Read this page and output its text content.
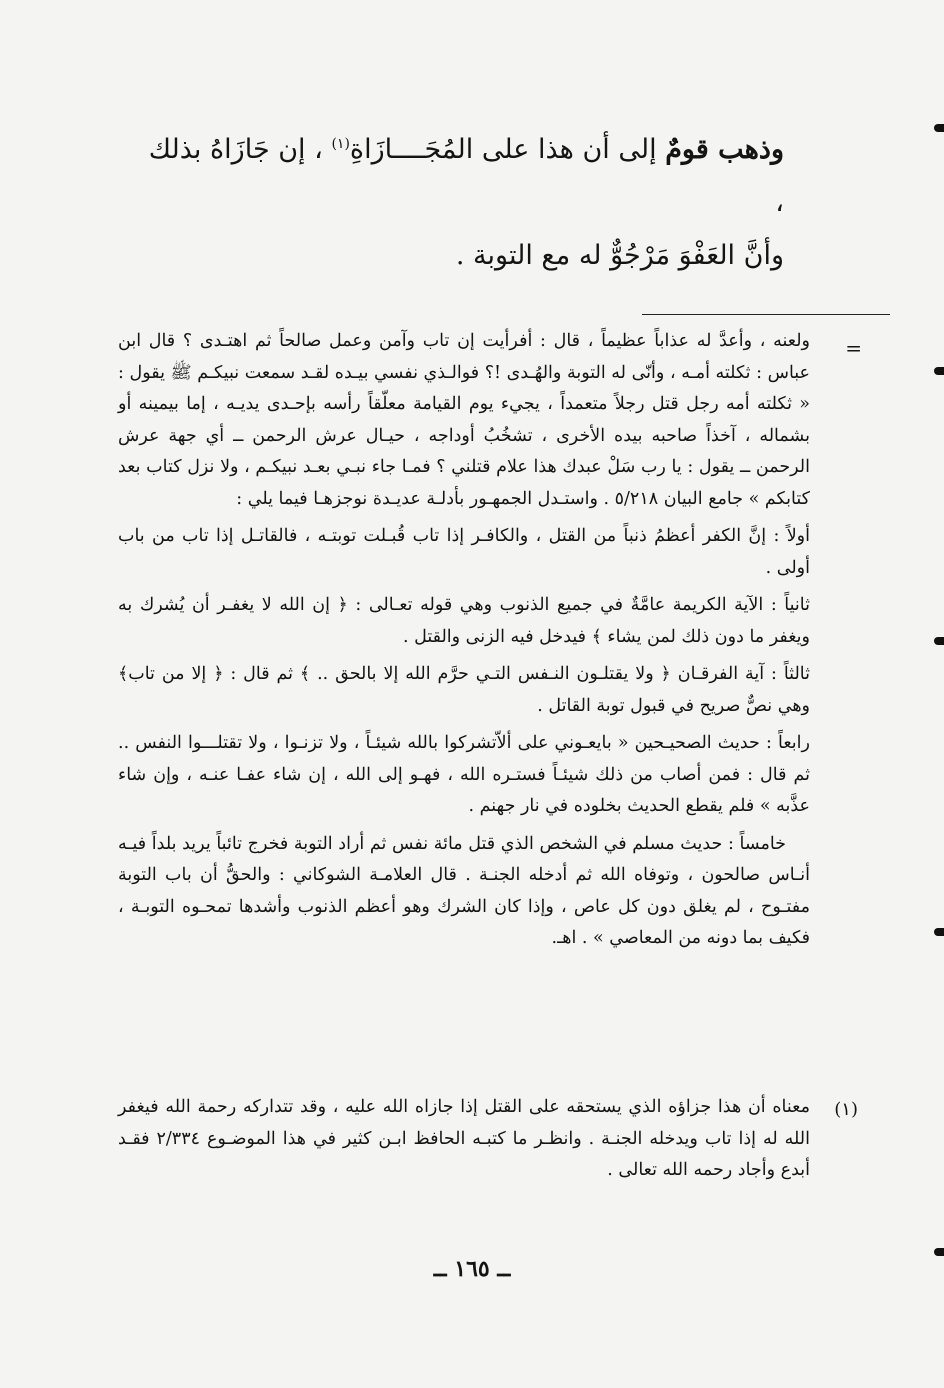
وذهب قومٌ إلى أن هذا على المُجَــــازَاةِ$^{(١)}$ ، إن جَازَاهُ بذلك ،
وأنَّ العَفْوَ مَرْجُوٌّ له مع التوبة .
=

ولعنه ، وأعدَّ له عذاباً عظيماً ، قال : أفرأيت إن تاب وآمن وعمل صالحاً ثم اهتـدى ؟ قال ابن عباس : ثكلته أمـه ، وأنّى له التوبة والهُـدى !؟ فوالـذي نفسي بيـده لقـد سمعت نبيكـم ﷺ يقول : « ثكلته أمه رجل قتل رجلاً متعمداً ، يجيء يوم القيامة معلّقاً رأسه بإحـدى يديـه ، إما بيمينه أو بشماله ، آخذاً صاحبه بيده الأخرى ، تشخُبُ أوداجه ، حيـال عرش الرحمن ــ أي جهة عرش الرحمن ــ يقول : يا رب سَلْ عبدك هذا علام قتلني ؟ فمـا جاء نبـي بعـد نبيكـم ، ولا نزل كتاب بعد كتابكم » جامع البيان ٥/٢١٨ . واستـدل الجمهـور بأدلـة عديـدة نوجزهـا فيما يلي :

أولاً : إنَّ الكفر أعظمُ ذنباً من القتل ، والكافـر إذا تاب قُبـلت توبتـه ، فالقاتـل إذا تاب من باب أولى .

ثانياً : الآية الكريمة عامَّةٌ في جميع الذنوب وهي قوله تعـالى : ﴿ إن الله لا يغفـر أن يُشرك به ويغفر ما دون ذلك لمن يشاء ﴾ فيدخل فيه الزنى والقتل .

ثالثاً : آية الفرقـان ﴿ ولا يقتلـون النـفس التـي حرَّم الله إلا بالحق .. ﴾ ثم قال : ﴿ إلا من تاب﴾ وهي نصٌّ صريح في قبول توبة القاتل .

رابعاً : حديث الصحيـحين « بايعـوني على ألاّتشركوا بالله شيئـاً ، ولا تزنـوا ، ولا تقتلـــوا النفس .. ثم قال : فمن أصاب من ذلك شيئـاً فستـره الله ، فهـو إلى الله ، إن شاء عفـا عنـه ، وإن شاء عذَّبه » فلم يقطع الحديث بخلوده في نار جهنم .

خامساً : حديث مسلم في الشخص الذي قتل مائة نفس ثم أراد التوبة فخرج تائباً يريد بلداً فيـه أنـاس صالحون ، وتوفاه الله ثم أدخله الجنـة . قال العلامـة الشوكاني : والحقُّ أن باب التوبة مفتـوح ، لم يغلق دون كل عاص ، وإذا كان الشرك وهو أعظم الذنوب وأشدها تمحـوه التوبـة ، فكيف بما دونه من المعاصي » . اهـ.

(١)
معناه أن هذا جزاؤه الذي يستحقه على القتل إذا جازاه الله عليه ، وقد تتداركه رحمة الله فيغفر الله له إذا تاب ويدخله الجنـة . وانظـر ما كتبـه الحافظ ابـن كثير في هذا الموضـوع ٢/٣٣٤ فقـد أبدع وأجاد رحمه الله تعالى .
ــ ١٦٥ ــ
